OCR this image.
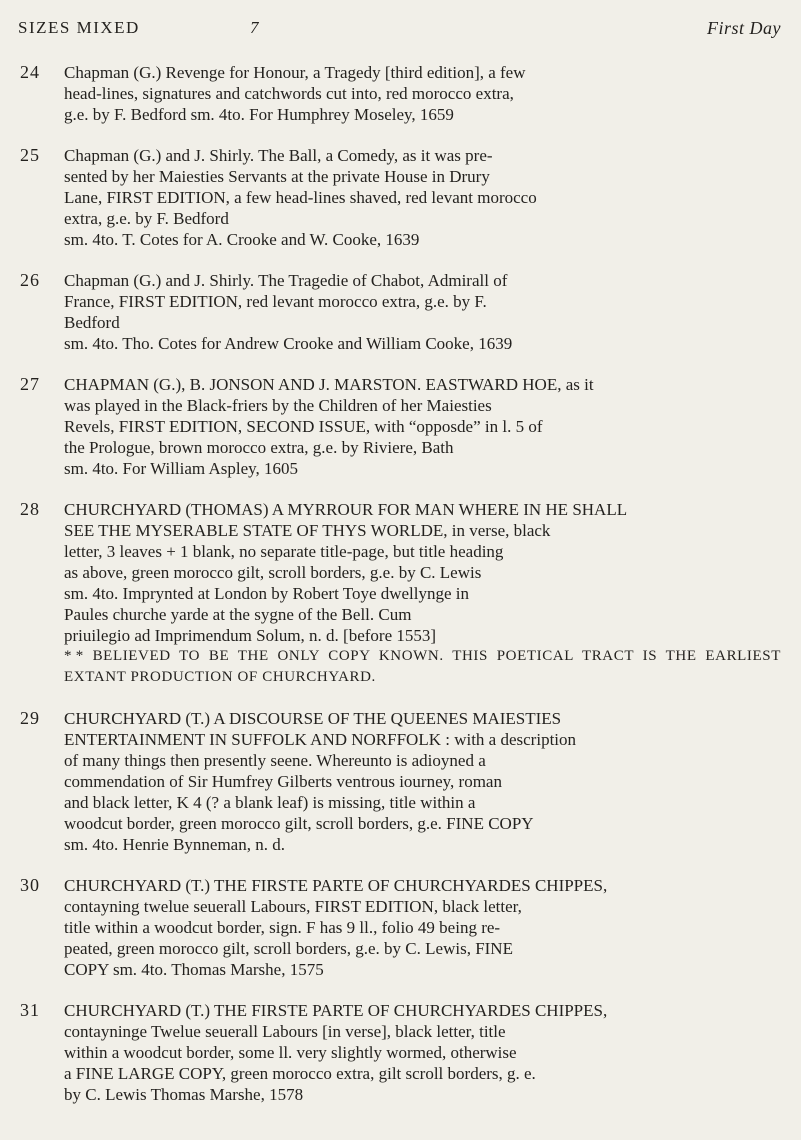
SIZES MIXED	7	First Day
24 Chapman (G.) Revenge for Honour, a Tragedy [third edition], a few
head-lines, signatures and catchwords cut into, red morocco extra,
g.e. by F. Bedford sm. 4to. For Humphrey Moseley, 1659
25 Chapman (G.) and J. Shirly. The Ball, a Comedy, as it was pre-
sented by her Maiesties Servants at the private House in Drury
Lane, FIRST EDITION, a few head-lines shaved, red levant morocco
extra, g.e. by F. Bedford
sm. 4to. T. Cotes for A. Crooke and W. Cooke, 1639
26 Chapman (G.) and J. Shirly. The Tragedie of Chabot, Admirall of
France, FIRST EDITION, red levant morocco extra, g.e. by F.
Bedford
sm. 4to. Tho. Cotes for Andrew Crooke and William Cooke, 1639
27 CHAPMAN (G.), B. JONSON AND J. MARSTON. EASTWARD HOE, as it
was played in the Black-friers by the Children of her Maiesties
Revels, FIRST EDITION, SECOND ISSUE, with “opposde” in l. 5 of
the Prologue, brown morocco extra, g.e. by Riviere, Bath
sm. 4to. For William Aspley, 1605
28 CHURCHYARD (THOMAS) A MYRROUR FOR MAN WHERE IN HE SHALL
SEE THE MYSERABLE STATE OF THYS WORLDE, in verse, black
letter, 3 leaves + 1 blank, no separate title-page, but title heading
as above, green morocco gilt, scroll borders, g.e. by C. Lewis
sm. 4to. Imprynted at London by Robert Toye dwellynge in
Paules churche yarde at the sygne of the Bell. Cum
priuilegio ad Imprimendum Solum, n. d. [before 1553]
* * BELIEVED TO BE THE ONLY COPY KNOWN. THIS POETICAL TRACT IS THE EARLIEST EXTANT PRODUCTION OF CHURCHYARD.
29 CHURCHYARD (T.) A DISCOURSE OF THE QUEENES MAIESTIES
ENTERTAINMENT IN SUFFOLK AND NORFFOLK : with a description
of many things then presently seene. Whereunto is adioyned a
commendation of Sir Humfrey Gilberts ventrous iourney, roman
and black letter, K 4 (? a blank leaf) is missing, title within a
woodcut border, green morocco gilt, scroll borders, g.e. FINE COPY
sm. 4to. Henrie Bynneman, n. d.
30 CHURCHYARD (T.) THE FIRSTE PARTE OF CHURCHYARDES CHIPPES,
contayning twelue seuerall Labours, FIRST EDITION, black letter,
title within a woodcut border, sign. F has 9 ll., folio 49 being re-
peated, green morocco gilt, scroll borders, g.e. by C. Lewis, FINE
COPY sm. 4to. Thomas Marshe, 1575
31 CHURCHYARD (T.) THE FIRSTE PARTE OF CHURCHYARDES CHIPPES,
contayninge Twelue seuerall Labours [in verse], black letter, title
within a woodcut border, some ll. very slightly wormed, otherwise
a FINE LARGE COPY, green morocco extra, gilt scroll borders, g. e.
by C. Lewis Thomas Marshe, 1578
